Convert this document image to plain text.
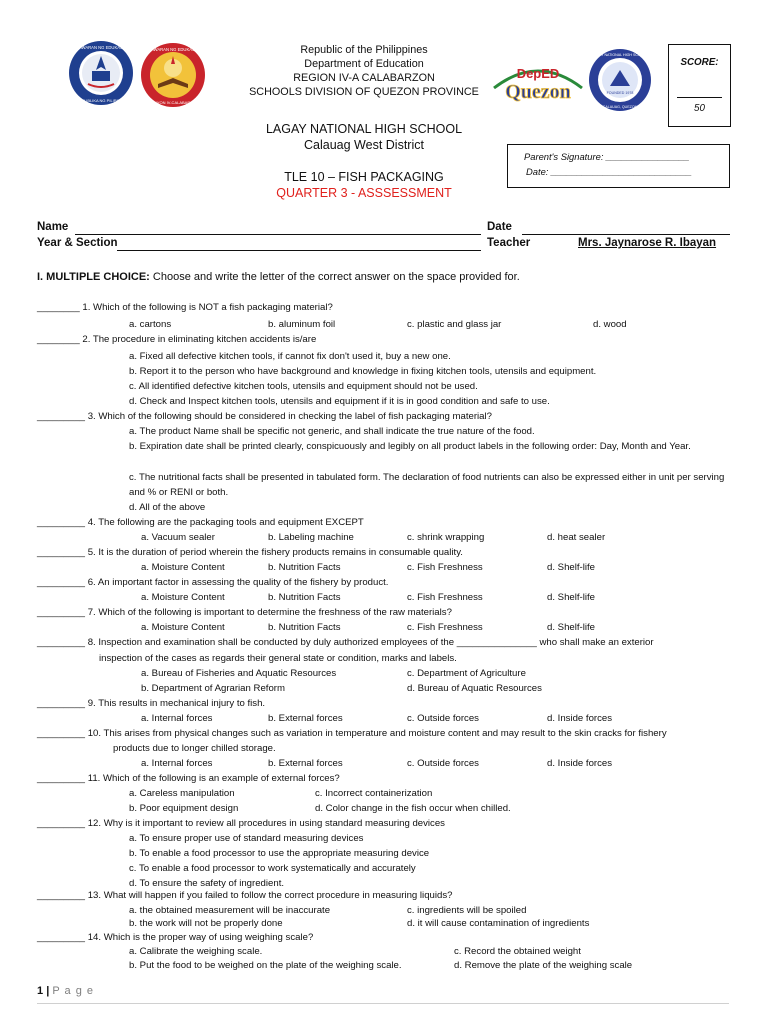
KAGAWARAN NG EDUKASYON
REPUBLIKA NG PILIPINAS
KAGAWARAN NG EDUKASYON
REHIYON IV-CALABARZON
DepED
Quezon	FOUNDED 1978
LAGAY NATIONAL HIGH SCHOOL
CALAUAG, QUEZON
Republic of the Philippines
Department of Education
REGION IV-A CALABARZON
SCHOOLS DIVISION OF QUEZON PROVINCE
LAGAY NATIONAL HIGH SCHOOL
Calauag West District
TLE 10 – FISH PACKAGING
QUARTER 3 - ASSSESSMENT
SCORE:
50
Parent's Signature: ________________
Date: ___________________________
Name	Date
Year & Section	Teacher	Mrs. Jaynarose R. Ibayan
I. MULTIPLE CHOICE: Choose and write the letter of the correct answer on the space provided for.
________ 1. Which of the following is NOT a fish packaging material?
a. cartons	b. aluminum foil	c. plastic and glass jar	d. wood
________ 2. The procedure in eliminating kitchen accidents is/are
a. Fixed all defective kitchen tools, if cannot fix don't used it, buy a new one.
b. Report it to the person who have background and knowledge in fixing kitchen tools, utensils and equipment.
c. All identified defective kitchen tools, utensils and equipment should not be used.
d. Check and Inspect kitchen tools, utensils and equipment if it is in good condition and safe to use.
_________ 3. Which of the following should be considered in checking the label of fish packaging material?
a. The product Name shall be specific not generic, and shall indicate the true nature of the food.
b. Expiration date shall be printed clearly, conspicuously and legibly on all product labels in the following order: Day, Month and Year.
c. The nutritional facts shall be presented in tabulated form. The declaration of food nutrients can also be expressed either in unit per serving and % or RENI or both.
d. All of the above
_________ 4. The following are the packaging tools and equipment EXCEPT
a. Vacuum sealer	b. Labeling machine	c. shrink wrapping	d. heat sealer
_________ 5. It is the duration of period wherein the fishery products remains in consumable quality.
a. Moisture Content	b. Nutrition Facts	c. Fish Freshness	d. Shelf-life
_________ 6. An important factor in assessing the quality of the fishery by product.
a. Moisture Content	b. Nutrition Facts	c. Fish Freshness	d. Shelf-life
_________ 7. Which of the following is important to determine the freshness of the raw materials?
a. Moisture Content	b. Nutrition Facts	c. Fish Freshness	d. Shelf-life
_________ 8. Inspection and examination shall be conducted by duly authorized employees of the _______________ who shall make an exterior
inspection of the cases as regards their general state or condition, marks and labels.
a. Bureau of Fisheries and Aquatic Resources	c. Department of Agriculture
b. Department of Agrarian Reform	d. Bureau of Aquatic Resources
_________ 9. This results in mechanical injury to fish.
a. Internal forces	b. External forces	c. Outside forces	d. Inside forces
_________ 10. This arises from physical changes such as variation in temperature and moisture content and may result to the skin cracks for fishery
products due to longer chilled storage.
a. Internal forces	b. External forces	c. Outside forces	d. Inside forces
_________ 11. Which of the following is an example of external forces?
a. Careless manipulation	c. Incorrect containerization
b. Poor equipment design	d. Color change in the fish occur when chilled.
_________ 12. Why is it important to review all procedures in using standard measuring devices
a. To ensure proper use of standard measuring devices
b. To enable a food processor to use the appropriate measuring device
c. To enable a food processor to work systematically and accurately
d. To ensure the safety of ingredient.
_________ 13. What will happen if you failed to follow the correct procedure in measuring liquids?
a. the obtained measurement will be inaccurate	c. ingredients will be spoiled
b. the work will not be properly done	d. it will cause contamination of ingredients
_________ 14. Which is the proper way of using weighing scale?
a. Calibrate the weighing scale.	c. Record the obtained weight
b. Put the food to be weighed on the plate of the weighing scale.	d. Remove the plate of the weighing scale
1 | P a g e
